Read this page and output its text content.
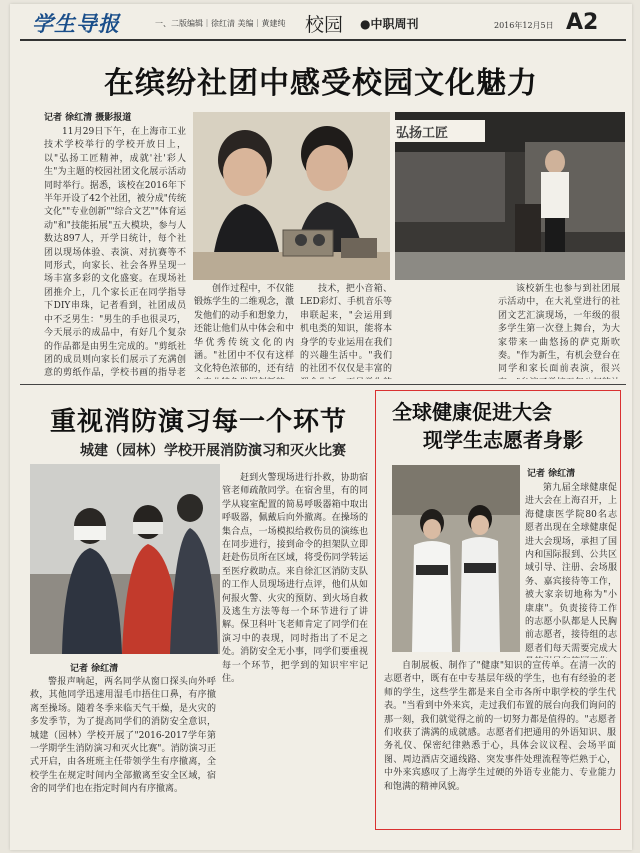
学生导报	一、二版编辑｜徐红清 美编｜黄建纯 校园 ●中职周刊	2016年12月5日 A2
在缤纷社团中感受校园文化魅力
记者 徐红清 摄影报道

11月29日下午，在上海市工业技术学校举行的学校开放日上，以"弘扬工匠精神，成就'社'彩人生"为主题的校园社团文化展示活动同时举行。据悉，该校在2016年下半年开设了42个社团，被分成"传统文化""专业创新""综合文艺""体育运动"和"技能拓展"五大模块，参与人数达897人，开学日统计，每个社团以现场体验、表演、对抗赛等不同形式，向家长、社会各界呈现一场丰富多彩的文化盛宴。在现场社团推介上，几个家长正在同学指导下DIY串珠，记者看到，社团成员中不乏男生："男生的手也很灵巧，今天展示的成品中，有好几个复杂的作品都是由男生完成的。"剪纸社团的成员则向家长们展示了充满创意的剪纸作品，学校书画的指导老

弘扬工匠

创作过程中，不仅能锻炼学生的二维观念，激发他们的动手和想象力，还能让他们从中体会和中华优秀传统文化的内涵。"社团中不仅有这样文化特色浓郁的，还有结

技术，把小音箱、LED彩灯、手机音乐等串联起来，"会运用到机电类的知识，能将本身学的专业运用在我们的兴趣生活中。"我们的社团不仅仅是丰富的

该校新生也参与到社团展示活动中，在大礼堂进行的社团文艺汇演现场，一年级的很多学生第一次登上舞台，为大家带来一曲悠扬的萨克斯吹奏。"作为新生，有机会登台在同学和家长面前表演，很兴

重视消防演习每一个环节
城建（园林）学校开展消防演习和灭火比赛

赶到火警现场进行扑救，协助宿管老师疏散同学。在宿舍里，有的同学从寝室配置的简易呼吸器箱中取出呼吸器，佩戴后向外撤离。在操场的集合点，一场模拟给救伤员的演练也在同步进行，接到命令的担架队立即赶赴伤员所在区域，将受伤同学转运至医疗救助点。来自徐汇区消防支队的工作人员现场进行点评，他们从如何报火警、火灾的预防、到火场自救及逃生方法等每一个环节进行了讲解。保卫科叶飞老师肯定了同学们在演习中的表现，同时指出了不足之处。消防安全无小事，同学们要重视每一个环节，把学到的知识牢牢记住。

记者 徐红清

警报声响起，两名同学从窗口探头向外呼救，其他同学迅速用湿毛巾捂住口鼻，有序撤离至操场。随着冬季来临天气干燥，是火灾的多发季节，为了提高同学们的消防安全意识，城建（园林）学校开展了"2016-2017学年第一学期学生消防演习和灭火比赛"。消防演习正式开启，由各班班主任带领学生有序撤离，全校学生在规定时间内全部撤离至安全区域，宿舍的同学们也在指定时间内有序撤离。

全球健康促进大会
现学生志愿者身影
记者 徐红清

第九届全球健康促进大会在上海召开，上海健康医学院80名志愿者出现在全球健康促进大会现场，承担了国内和国际报到、公共区域引导、注册、会场服务、嘉宾接待等工作，被大家亲切地称为"小康康"。负责接待工作的志愿小队都是人民胸前志愿者，接待组的志愿者们每天需要完成大

自制展板、制作了"健康"知识的宣传单。在清一次的志愿者中，既有在中专基层年级的学生，也有有经验的老师的学生，这些学生都是来自全市各所中职学校的学生代表。"当看到中外来宾，走过我们布置的展台向我们询问的那一刻，我们就觉得之前的一切努力都是值得的。"志愿者们收获了满满的成就感。志愿者们把通用的外语知识、服务礼仪、保密纪律熟悉于心，具体会议议程、会场平面图、周边酒店交通线路、突发事件处理流程等烂熟于心，中外来宾感叹了上海学生过硬的外语专业能力、专业能力和饱满的精神风貌。
